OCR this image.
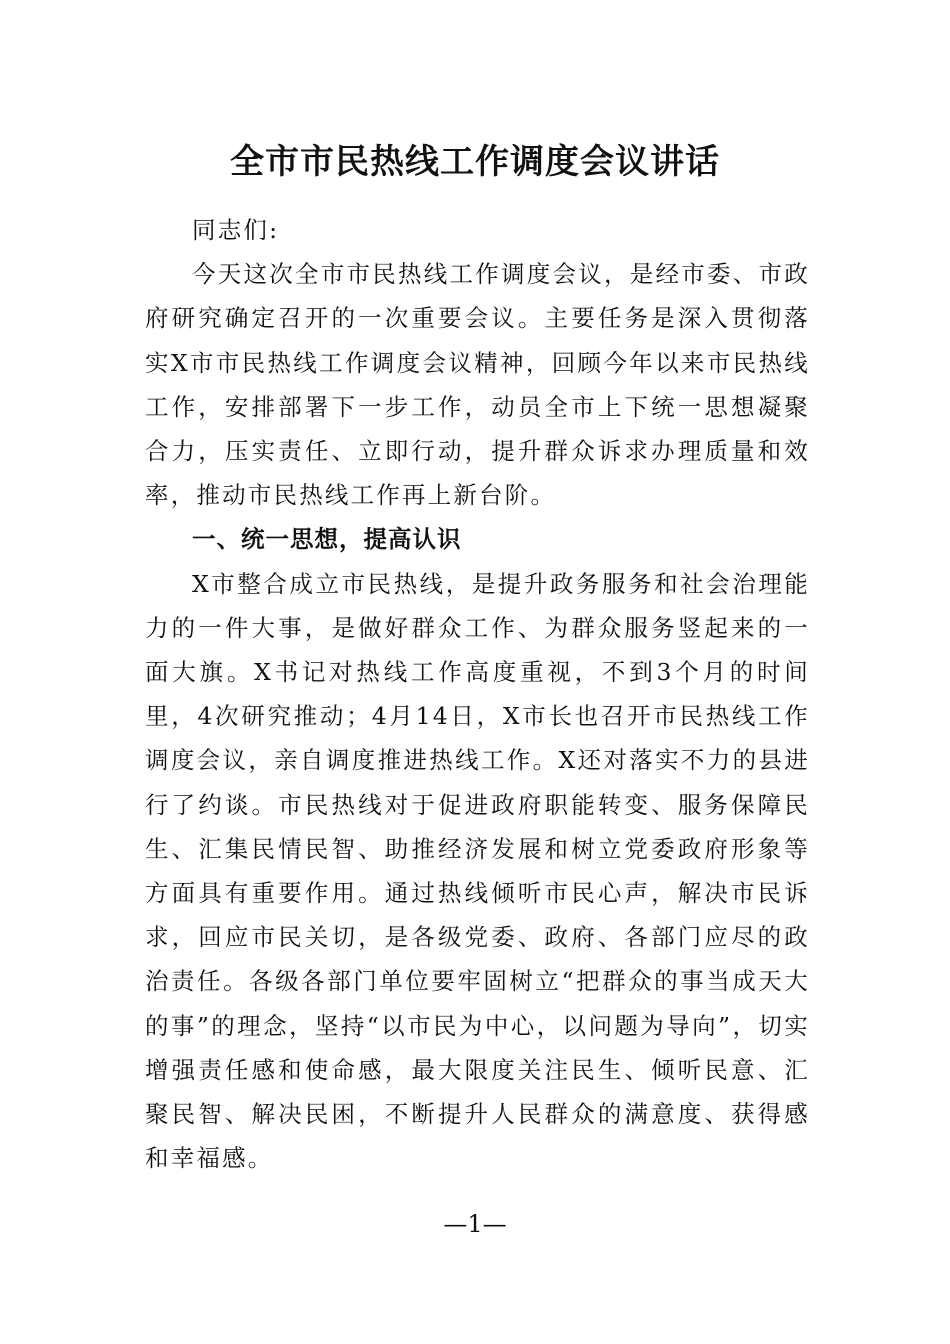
全市市民热线工作调度会议讲话

同志们:

今天这次全市市民热线工作调度会议，是经市委、市政府研究确定召开的一次重要会议。主要任务是深入贯彻落实X市市民热线工作调度会议精神，回顾今年以来市民热线工作，安排部署下一步工作，动员全市上下统一思想凝聚合力，压实责任、立即行动，提升群众诉求办理质量和效率，推动市民热线工作再上新台阶。

一、统一思想，提高认识

X市整合成立市民热线，是提升政务服务和社会治理能力的一件大事，是做好群众工作、为群众服务竖起来的一面大旗。X书记对热线工作高度重视，不到3个月的时间里，4次研究推动；4月14日，X市长也召开市民热线工作调度会议，亲自调度推进热线工作。X还对落实不力的县进行了约谈。市民热线对于促进政府职能转变、服务保障民生、汇集民情民智、助推经济发展和树立党委政府形象等方面具有重要作用。通过热线倾听市民心声，解决市民诉求，回应市民关切，是各级党委、政府、各部门应尽的政治责任。各级各部门单位要牢固树立“把群众的事当成天大的事”的理念，坚持“以市民为中心，以问题为导向”，切实增强责任感和使命感，最大限度关注民生、倾听民意、汇聚民智、解决民困，不断提升人民群众的满意度、获得感和幸福感。

—1—
